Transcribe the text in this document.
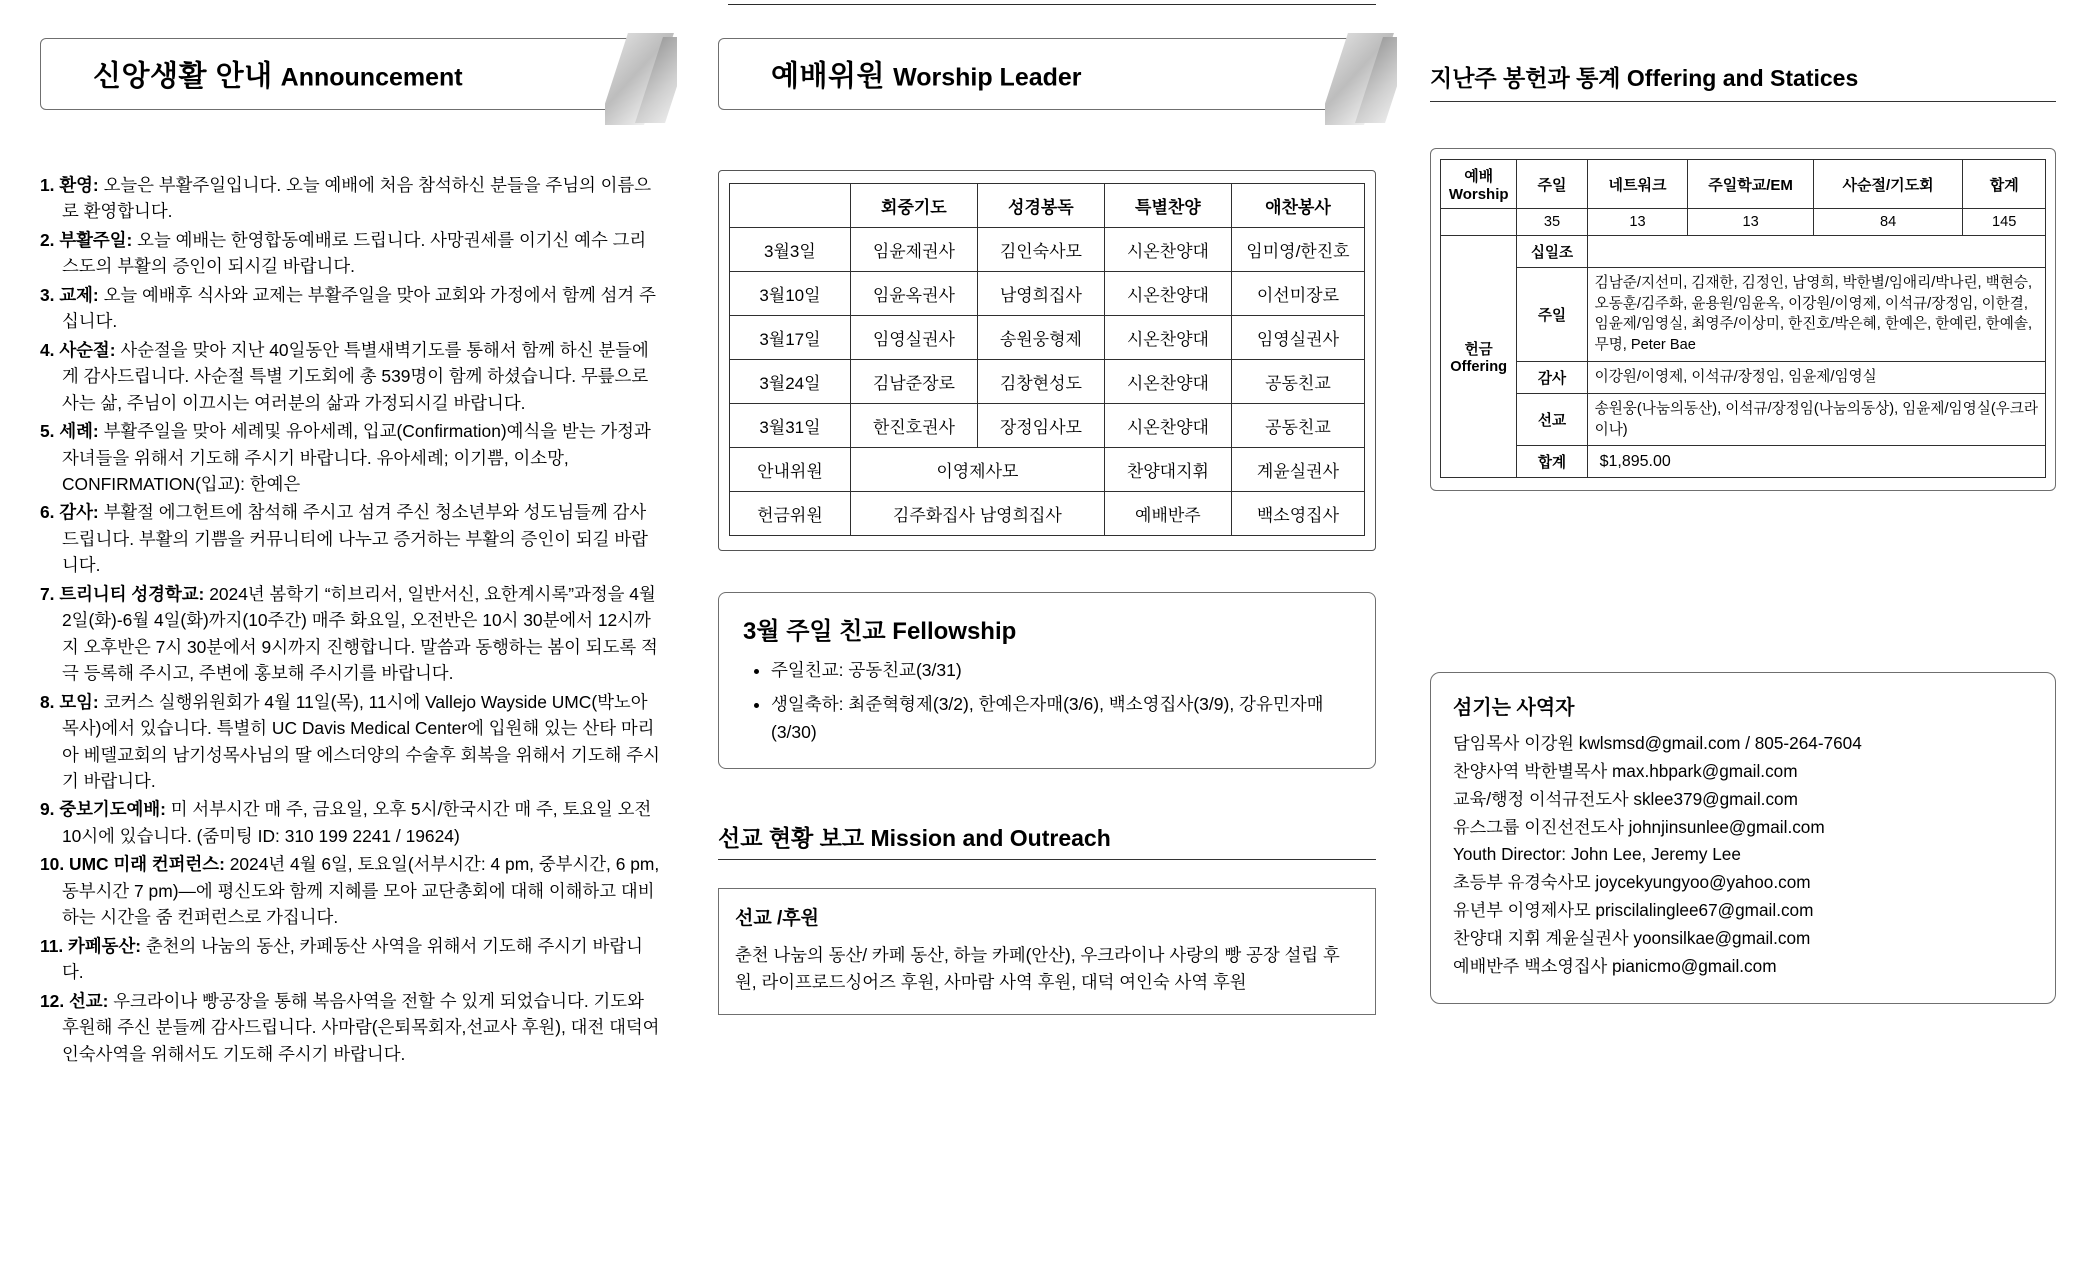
신앙생활 안내 Announcement
1. 환영: 오늘은 부활주일입니다. 오늘 예배에 처음 참석하신 분들을 주님의 이름으로 환영합니다.
2. 부활주일: 오늘 예배는 한영합동예배로 드립니다. 사망권세를 이기신 예수 그리스도의 부활의 증인이 되시길 바랍니다.
3. 교제: 오늘 예배후 식사와 교제는 부활주일을 맞아 교회와 가정에서 함께 섬겨 주십니다.
4. 사순절: 사순절을 맞아 지난 40일동안 특별새벽기도를 통해서 함께 하신 분들에게 감사드립니다. 사순절 특별 기도회에 총 539명이 함께 하셨습니다. 무릎으로 사는 삶, 주님이 이끄시는 여러분의 삶과 가정되시길 바랍니다.
5. 세례: 부활주일을 맞아 세례및 유아세례, 입교(Confirmation)예식을 받는 가정과 자녀들을 위해서 기도해 주시기 바랍니다. 유아세례; 이기쁨, 이소망, CONFIRMATION(입교): 한예은
6. 감사: 부활절 에그헌트에 참석해 주시고 섬겨 주신 청소년부와 성도님들께 감사드립니다. 부활의 기쁨을 커뮤니티에 나누고 증거하는 부활의 증인이 되길 바랍니다.
7. 트리니티 성경학교: 2024년 봄학기 “히브리서, 일반서신, 요한계시록”과정을 4월 2일(화)-6월 4일(화)까지(10주간) 매주 화요일, 오전반은 10시 30분에서 12시까지 오후반은 7시 30분에서 9시까지 진행합니다. 말씀과 동행하는 봄이 되도록 적극 등록해 주시고, 주변에 홍보해 주시기를 바랍니다.
8. 모임: 코커스 실행위원회가 4월 11일(목), 11시에 Vallejo Wayside UMC(박노아목사)에서 있습니다. 특별히 UC Davis Medical Center에 입원해 있는 산타 마리아 베델교회의 남기성목사님의 딸 에스더양의 수술후 회복을 위해서 기도해 주시기 바랍니다.
9. 중보기도예배: 미 서부시간 매 주, 금요일, 오후 5시/한국시간 매 주, 토요일 오전 10시에 있습니다. (줌미팅 ID: 310 199 2241 / 19624)
10. UMC 미래 컨퍼런스: 2024년 4월 6일, 토요일(서부시간: 4 pm, 중부시간, 6 pm, 동부시간 7 pm)—에 평신도와 함께 지혜를 모아 교단총회에 대해 이해하고 대비하는 시간을 줌 컨퍼런스로 가집니다.
11. 카페동산: 춘천의 나눔의 동산, 카페동산 사역을 위해서 기도해 주시기 바랍니다.
12. 선교: 우크라이나 빵공장을 통해 복음사역을 전할 수 있게 되었습니다. 기도와 후원해 주신 분들께 감사드립니다. 사마람(은퇴목회자,선교사 후원), 대전 대덕여인숙사역을 위해서도 기도해 주시기 바랍니다.
예배위원 Worship Leader
	회중기도	성경봉독	특별찬양	애찬봉사
3월3일	임윤제권사	김인숙사모	시온찬양대	임미영/한진호
3월10일	임윤옥권사	남영희집사	시온찬양대	이선미장로
3월17일	임영실권사	송원웅형제	시온찬양대	임영실권사
3월24일	김남준장로	김창현성도	시온찬양대	공동친교
3월31일	한진호권사	장정임사모	시온찬양대	공동친교
안내위원	이영제사모		찬양대지휘	계윤실권사
헌금위원	김주화집사 남영희집사		예배반주	백소영집사
3월 주일 친교 Fellowship
• 주일친교: 공동친교(3/31)
• 생일축하: 최준혁형제(3/2), 한예은자매(3/6), 백소영집사(3/9), 강유민자매(3/30)
선교 현황 보고 Mission and Outreach
선교 /후원
춘천 나눔의 동산/ 카페 동산, 하늘 카페(안산), 우크라이나 사랑의 빵 공장 설립 후원, 라이프로드싱어즈 후원, 사마람 사역 후원, 대덕 여인숙 사역 후원
지난주 봉헌과 통계 Offering and Statices
예배
Worship	주일	네트워크	주일학교/EM	사순절/기도회	합계
	35	13	13	84	145

헌금
Offering	십일조				
	주일	김남준/지선미, 김재한, 김정인, 남영희, 박한별/임애리/박나린, 백현승, 오동훈/김주화, 윤용원/임윤옥, 이강원/이영제, 이석규/장정임, 이한결, 임윤제/임영실, 최영주/이상미, 한진호/박은혜, 한예은, 한예린, 한예솔, 무명, Peter Bae			
	감사	이강원/이영제, 이석규/장정임, 임윤제/임영실			
	선교	송원웅(나눔의동산), 이석규/장정임(나눔의동상), 임윤제/임영실(우크라이나)			
	합계	$1,895.00			
섬기는 사역자
담임목사 이강원 kwlsmsd@gmail.com / 805-264-7604
찬양사역 박한별목사 max.hbpark@gmail.com
교육/행정 이석규전도사 sklee379@gmail.com
유스그룹 이진선전도사 johnjinsunlee@gmail.com
Youth Director: John Lee, Jeremy Lee
초등부 유경숙사모 joycekyungyoo@yahoo.com
유년부 이영제사모 priscilalinglee67@gmail.com
찬양대 지휘 계윤실권사 yoonsilkae@gmail.com
예배반주 백소영집사 pianicmo@gmail.com
